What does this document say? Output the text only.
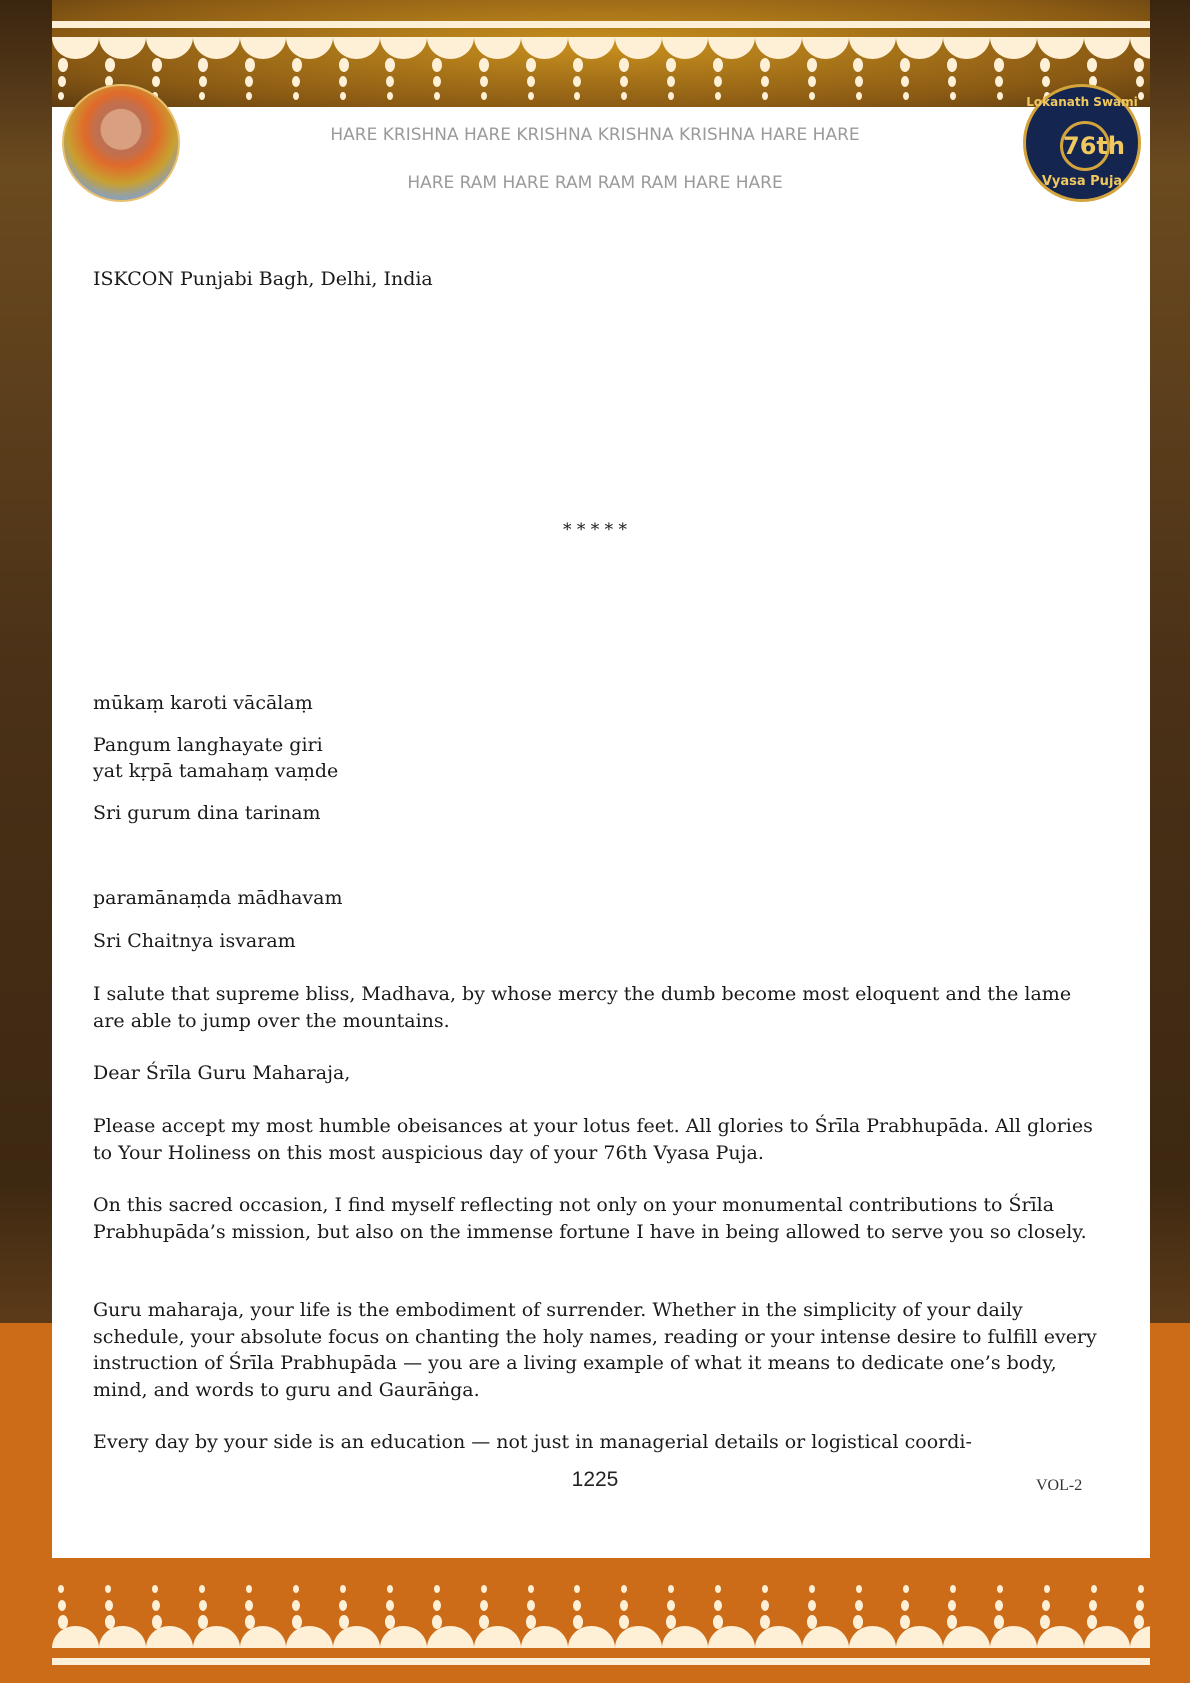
Lokanath Swami
76th
Vyasa Puja
HARE KRISHNA HARE KRISHNA KRISHNA KRISHNA HARE HARE
HARE RAM HARE RAM RAM RAM HARE HARE
ISKCON Punjabi Bagh, Delhi, India
* * * * *
mūkaṃ karoti vācālaṃ
Pangum langhayate giri
yat kṛpā tamahaṃ vaṃde
Sri gurum dina tarinam
paramānaṃda mādhavam
Sri Chaitnya isvaram
I salute that supreme bliss, Madhava, by whose mercy the dumb become most eloquent and the lame are able to jump over the mountains.
Dear Śrīla Guru Maharaja,
Please accept my most humble obeisances at your lotus feet. All glories to Śrīla Prabhupāda. All glories to Your Holiness on this most auspicious day of your 76th Vyasa Puja.
On this sacred occasion, I find myself reflecting not only on your monumental contributions to Śrīla Prabhupāda’s mission, but also on the immense fortune I have in being allowed to serve you so closely.
Guru maharaja, your life is the embodiment of surrender. Whether in the simplicity of your daily schedule, your absolute focus on chanting the holy names, reading or your intense desire to fulfill every instruction of Śrīla Prabhupāda — you are a living example of what it means to dedicate one’s body, mind, and words to guru and Gaurāṅga.
Every day by your side is an education — not just in managerial details or logistical coordi-
1225	VOL-2
